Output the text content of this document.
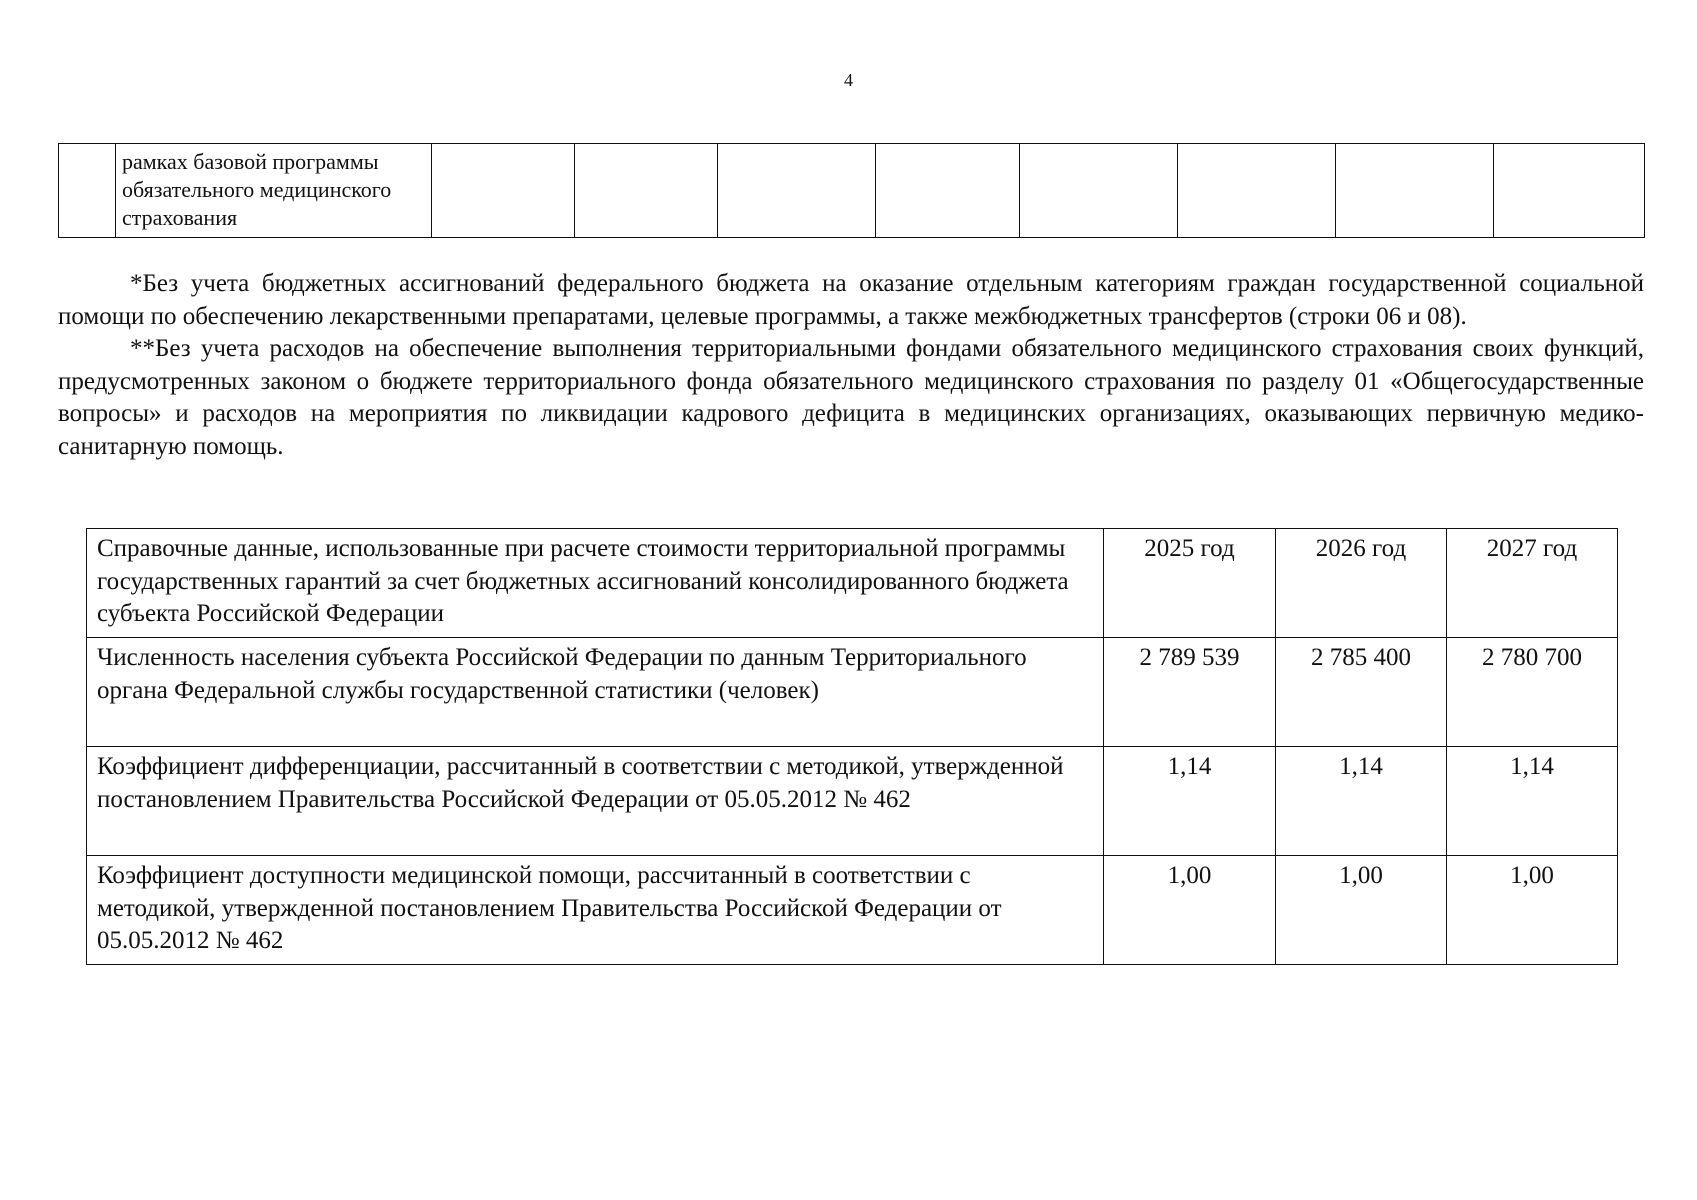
4

рамках базовой программы
обязательного медицинского
страхования

*Без учета бюджетных ассигнований федерального бюджета на оказание отдельным категориям граждан государственной социальной помощи по обеспечению лекарственными препаратами, целевые программы, а также межбюджетных трансфертов (строки 06 и 08).

**Без учета расходов на обеспечение выполнения территориальными фондами обязательного медицинского страхования своих функций, предусмотренных законом о бюджете территориального фонда обязательного медицинского страхования по разделу 01 «Общегосударственные вопросы» и расходов на мероприятия по ликвидации кадрового дефицита в медицинских организациях, оказывающих первичную медико-санитарную помощь.

Справочные данные, использованные при расчете стоимости территориальной программы государственных гарантий за счет бюджетных ассигнований консолидированного бюджета субъекта Российской Федерации	2025 год	2026 год	2027 год
Численность населения субъекта Российской Федерации по данным Территориального органа Федеральной службы государственной статистики (человек)	2 789 539	2 785 400	2 780 700
Коэффициент дифференциации, рассчитанный в соответствии с методикой, утвержденной постановлением Правительства Российской Федерации от 05.05.2012 № 462	1,14	1,14	1,14
Коэффициент доступности медицинской помощи, рассчитанный в соответствии с методикой, утвержденной постановлением Правительства Российской Федерации от 05.05.2012 № 462	1,00	1,00	1,00
